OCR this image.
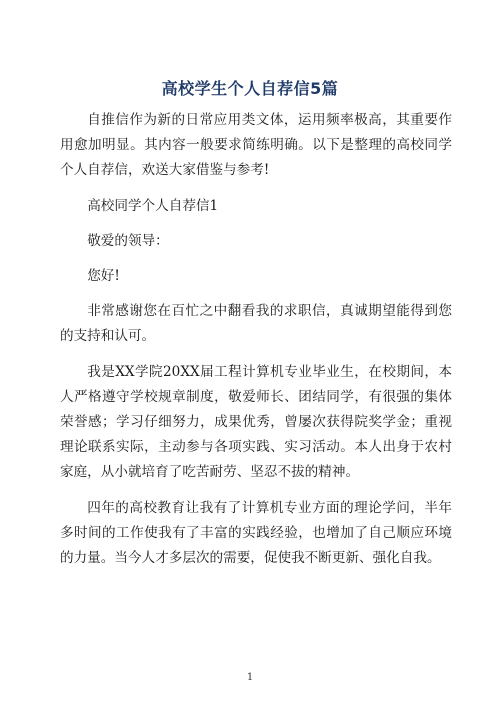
高校学生个人自荐信5篇

自推信作为新的日常应用类文体，运用频率极高，其重要作用愈加明显。其内容一般要求简练明确。以下是整理的高校同学个人自荐信，欢送大家借鉴与参考!

高校同学个人自荐信1

敬爱的领导：

您好!

非常感谢您在百忙之中翻看我的求职信，真诚期望能得到您的支持和认可。

我是XX学院20XX届工程计算机专业毕业生，在校期间，本人严格遵守学校规章制度，敬爱师长、团结同学，有很强的集体荣誉感；学习仔细努力，成果优秀，曾屡次获得院奖学金；重视理论联系实际，主动参与各项实践、实习活动。本人出身于农村家庭，从小就培育了吃苦耐劳、坚忍不拔的精神。

四年的高校教育让我有了计算机专业方面的理论学问，半年多时间的工作使我有了丰富的实践经验，也增加了自己顺应环境的力量。当今人才多层次的需要，促使我不断更新、强化自我。

1
